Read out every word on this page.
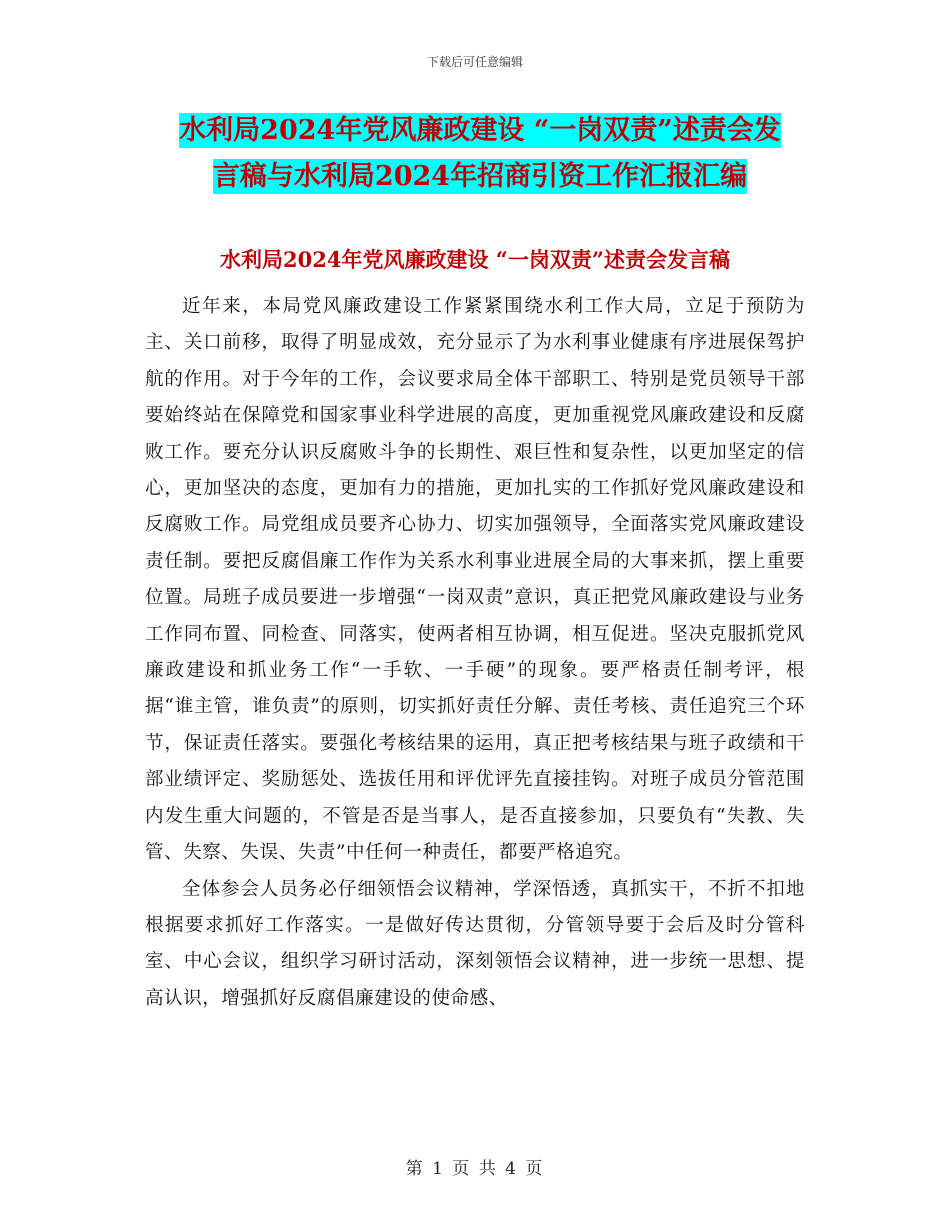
下载后可任意编辑
水利局2024年党风廉政建设 “一岗双责”述责会发
言稿与水利局2024年招商引资工作汇报汇编
水利局2024年党风廉政建设 “一岗双责”述责会发言稿

近年来，本局党风廉政建设工作紧紧围绕水利工作大局，立足于预防为主、关口前移，取得了明显成效，充分显示了为水利事业健康有序进展保驾护航的作用。对于今年的工作，会议要求局全体干部职工、特别是党员领导干部要始终站在保障党和国家事业科学进展的高度，更加重视党风廉政建设和反腐败工作。要充分认识反腐败斗争的长期性、艰巨性和复杂性，以更加坚定的信心，更加坚决的态度，更加有力的措施，更加扎实的工作抓好党风廉政建设和反腐败工作。局党组成员要齐心协力、切实加强领导，全面落实党风廉政建设责任制。要把反腐倡廉工作作为关系水利事业进展全局的大事来抓，摆上重要位置。局班子成员要进一步增强“一岗双责”意识，真正把党风廉政建设与业务工作同布置、同检查、同落实，使两者相互协调，相互促进。坚决克服抓党风廉政建设和抓业务工作“一手软、一手硬”的现象。要严格责任制考评，根据“谁主管，谁负责”的原则，切实抓好责任分解、责任考核、责任追究三个环节，保证责任落实。要强化考核结果的运用，真正把考核结果与班子政绩和干部业绩评定、奖励惩处、选拔任用和评优评先直接挂钩。对班子成员分管范围内发生重大问题的，不管是否是当事人，是否直接参加，只要负有“失教、失管、失察、失误、失责”中任何一种责任，都要严格追究。

全体参会人员务必仔细领悟会议精神，学深悟透，真抓实干，不折不扣地根据要求抓好工作落实。一是做好传达贯彻，分管领导要于会后及时分管科室、中心会议，组织学习研讨活动，深刻领悟会议精神，进一步统一思想、提高认识，增强抓好反腐倡廉建设的使命感、

第 1 页 共 4 页
